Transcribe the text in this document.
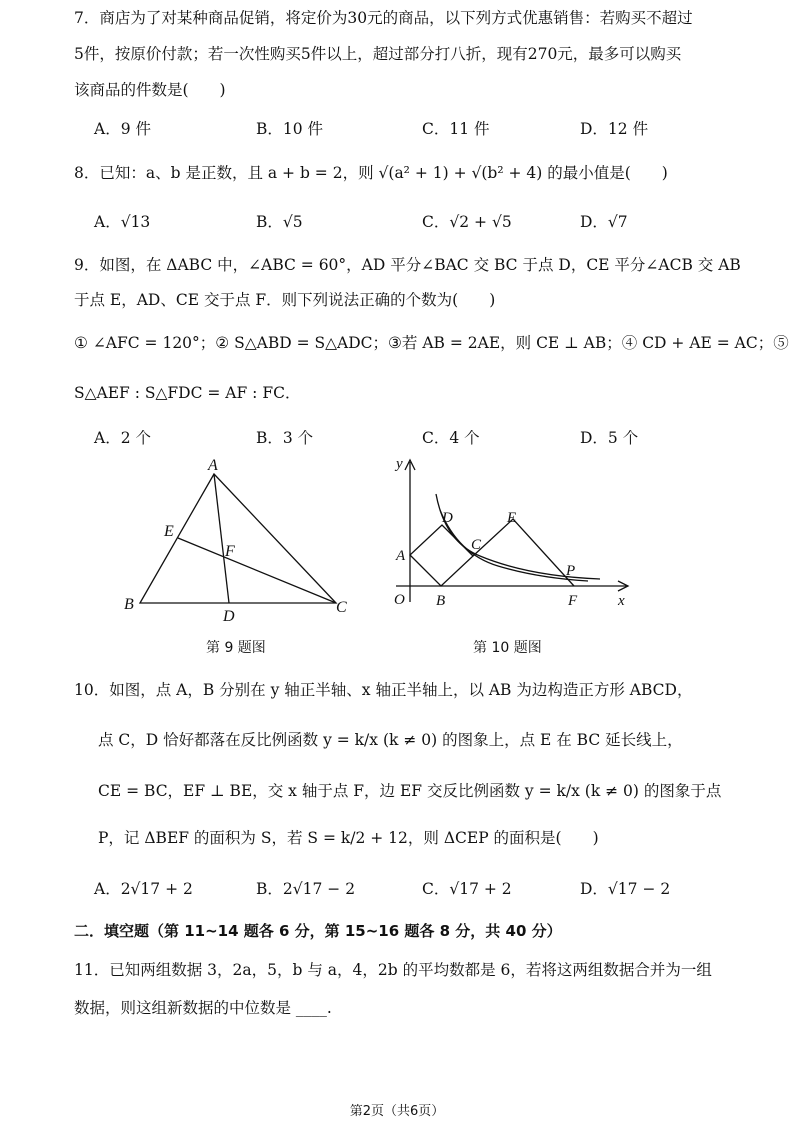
7．商店为了对某种商品促销，将定价为30元的商品，以下列方式优惠销售：若购买不超过
5件，按原价付款；若一次性购买5件以上，超过部分打八折，现有270元，最多可以购买
该商品的件数是(　　)
A．9 件	B．10 件	C．11 件	D．12 件
8．已知：a、b 是正数，且 a + b = 2，则 √(a² + 1) + √(b² + 4) 的最小值是(　　)
A．√13	B．√5	C．√2 + √5	D．√7
9．如图，在 ΔABC 中，∠ABC = 60°，AD 平分∠BAC 交 BC 于点 D，CE 平分∠ACB 交 AB
于点 E，AD、CE 交于点 F．则下列说法正确的个数为(　　)
① ∠AFC = 120°；② S△ABD = S△ADC；③若 AB = 2AE，则 CE ⊥ AB；④ CD + AE = AC；⑤
S△AEF : S△FDC = AF : FC．
A．2 个	B．3 个	C．4 个	D．5 个
A
B	C
D
E
F
y
x
O
A
B
C
D	E
F
P
第 9 题图	第 10 题图
10．如图，点 A，B 分别在 y 轴正半轴、x 轴正半轴上，以 AB 为边构造正方形 ABCD，
点 C，D 恰好都落在反比例函数 y = k/x (k ≠ 0) 的图象上，点 E 在 BC 延长线上，
CE = BC，EF ⊥ BE，交 x 轴于点 F，边 EF 交反比例函数 y = k/x (k ≠ 0) 的图象于点
P，记 ΔBEF 的面积为 S，若 S = k/2 + 12，则 ΔCEP 的面积是(　　)
A．2√17 + 2	B．2√17 − 2	C．√17 + 2	D．√17 − 2
二．填空题（第 11~14 题各 6 分，第 15~16 题各 8 分，共 40 分）
11．已知两组数据 3，2a，5，b 与 a，4，2b 的平均数都是 6，若将这两组数据合并为一组
数据，则这组新数据的中位数是 ____.
第2页（共6页）
